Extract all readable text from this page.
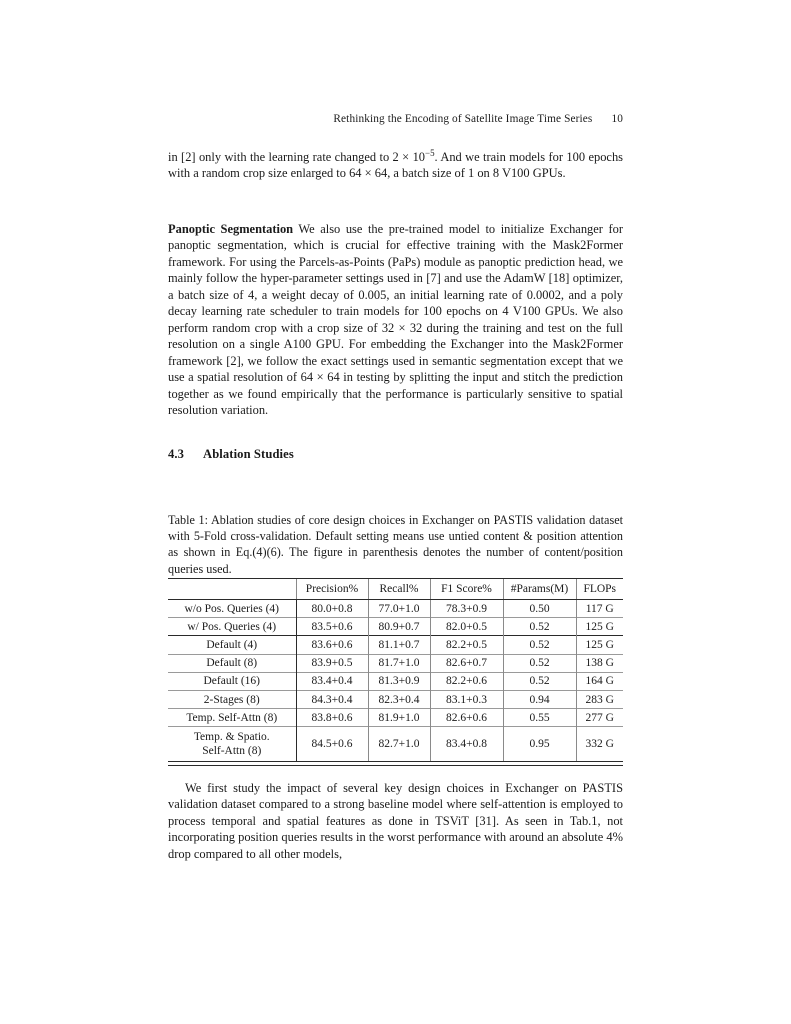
Rethinking the Encoding of Satellite Image Time Series 10

in [2] only with the learning rate changed to $2 \times 10^{-5}$. And we train models for 100 epochs with a random crop size enlarged to 64 × 64, a batch size of 1 on 8 V100 GPUs.

Panoptic Segmentation We also use the pre-trained model to initialize Exchanger for panoptic segmentation, which is crucial for effective training with the Mask2Former framework. For using the Parcels-as-Points (PaPs) module as panoptic prediction head, we mainly follow the hyper-parameter settings used in [7] and use the AdamW [18] optimizer, a batch size of 4, a weight decay of 0.005, an initial learning rate of 0.0002, and a poly decay learning rate scheduler to train models for 100 epochs on 4 V100 GPUs. We also perform random crop with a crop size of 32 × 32 during the training and test on the full resolution on a single A100 GPU. For embedding the Exchanger into the Mask2Former framework [2], we follow the exact settings used in semantic segmentation except that we use a spatial resolution of 64 × 64 in testing by splitting the input and stitch the prediction together as we found empirically that the performance is particularly sensitive to spatial resolution variation.

4.3 Ablation Studies

Table 1: Ablation studies of core design choices in Exchanger on PASTIS validation dataset with 5-Fold cross-validation. Default setting means use untied content & position attention as shown in Eq.(4)(6). The figure in parenthesis denotes the number of content/position queries used.

	Precision%	Recall%	F1 Score%	#Params(M)	FLOPs
w/o Pos. Queries (4)	80.0+0.8	77.0+1.0	78.3+0.9	0.50	117 G
w/ Pos. Queries (4)	83.5+0.6	80.9+0.7	82.0+0.5	0.52	125 G
Default (4)	83.6+0.6	81.1+0.7	82.2+0.5	0.52	125 G
Default (8)	83.9+0.5	81.7+1.0	82.6+0.7	0.52	138 G
Default (16)	83.4+0.4	81.3+0.9	82.2+0.6	0.52	164 G
2-Stages (8)	84.3+0.4	82.3+0.4	83.1+0.3	0.94	283 G
Temp. Self-Attn (8)	83.8+0.6	81.9+1.0	82.6+0.6	0.55	277 G
Temp. & Spatio.
Self-Attn (8)	84.5+0.6	82.7+1.0	83.4+0.8	0.95	332 G

We first study the impact of several key design choices in Exchanger on PASTIS validation dataset compared to a strong baseline model where self-attention is employed to process temporal and spatial features as done in TSViT [31]. As seen in Tab.1, not incorporating position queries results in the worst performance with around an absolute 4% drop compared to all other models,
